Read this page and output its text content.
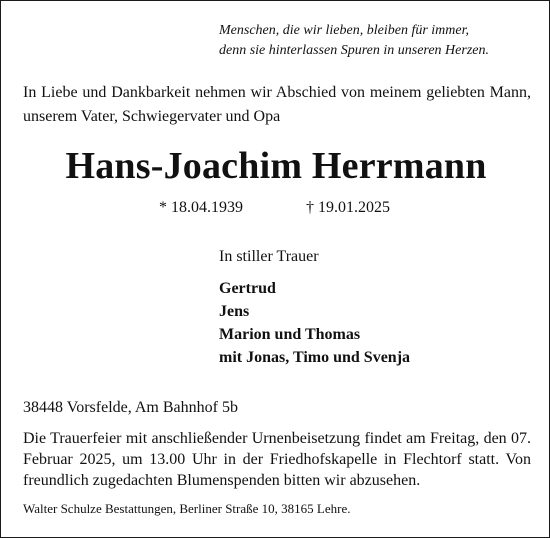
Menschen, die wir lieben, bleiben für immer,
denn sie hinterlassen Spuren in unseren Herzen.
In Liebe und Dankbarkeit nehmen wir Abschied von meinem geliebten Mann, unserem Vater, Schwiegervater und Opa
Hans-Joachim Herrmann
* 18.04.1939	† 19.01.2025
In stiller Trauer
Gertrud
Jens
Marion und Thomas
mit Jonas, Timo und Svenja
38448 Vorsfelde, Am Bahnhof 5b
Die Trauerfeier mit anschließender Urnenbeisetzung findet am Freitag, den 07. Februar 2025, um 13.00 Uhr in der Friedhofskapelle in Flechtorf statt. Von freundlich zugedachten Blumenspenden bitten wir abzusehen.
Walter Schulze Bestattungen, Berliner Straße 10, 38165 Lehre.
